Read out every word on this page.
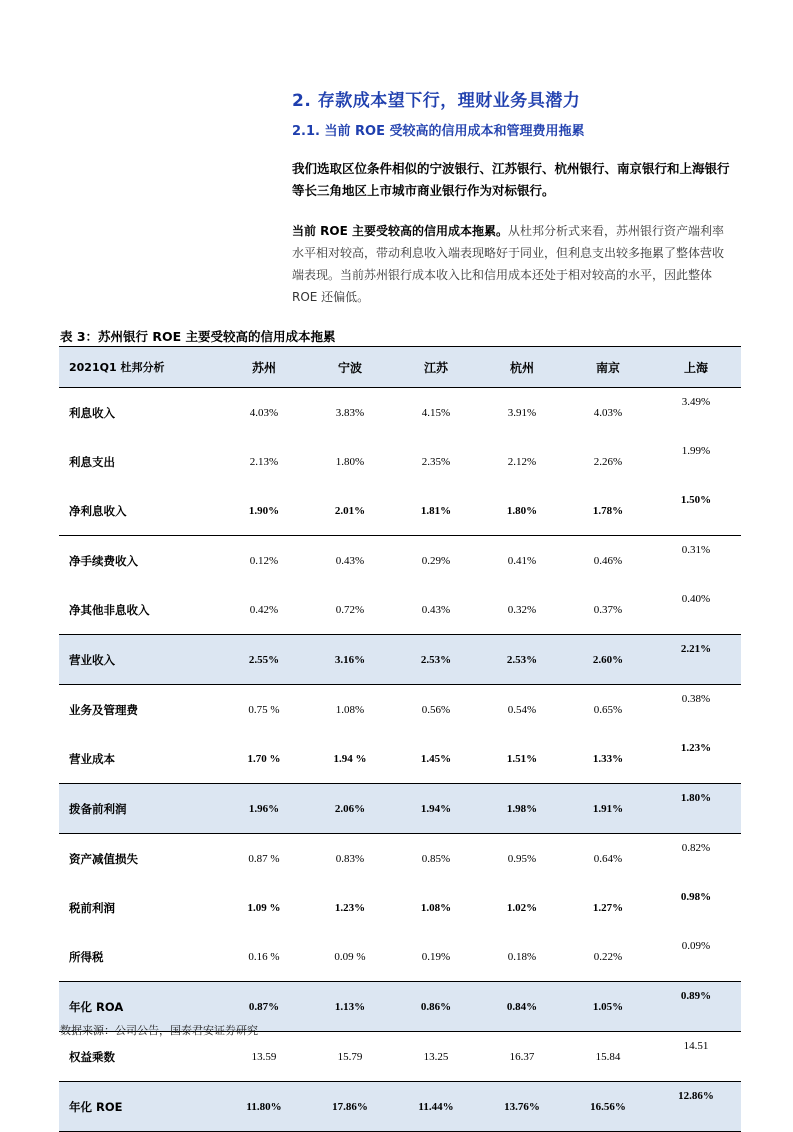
2. 存款成本望下行，理财业务具潜力
2.1. 当前 ROE 受较高的信用成本和管理费用拖累
我们选取区位条件相似的宁波银行、江苏银行、杭州银行、南京银行和上海银行等长三角地区上市城市商业银行作为对标银行。
当前 ROE 主要受较高的信用成本拖累。从杜邦分析式来看，苏州银行资产端利率水平相对较高，带动利息收入端表现略好于同业，但利息支出较多拖累了整体营收端表现。当前苏州银行成本收入比和信用成本还处于相对较高的水平，因此整体 ROE 还偏低。
表 3：苏州银行 ROE 主要受较高的信用成本拖累
2021Q1 杜邦分析	苏州	宁波	江苏	杭州	南京	上海
利息收入	4.03%	3.83%	4.15%	3.91%	4.03%	3.49%
利息支出	2.13%	1.80%	2.35%	2.12%	2.26%	1.99%
净利息收入	1.90%	2.01%	1.81%	1.80%	1.78%	1.50%
净手续费收入	0.12%	0.43%	0.29%	0.41%	0.46%	0.31%
净其他非息收入	0.42%	0.72%	0.43%	0.32%	0.37%	0.40%
营业收入	2.55%	3.16%	2.53%	2.53%	2.60%	2.21%
业务及管理费	0.75 %	1.08%	0.56%	0.54%	0.65%	0.38%
营业成本	1.70 %	1.94 %	1.45%	1.51%	1.33%	1.23%
拨备前利润	1.96%	2.06%	1.94%	1.98%	1.91%	1.80%
资产减值损失	0.87 %	0.83%	0.85%	0.95%	0.64%	0.82%
税前利润	1.09 %	1.23%	1.08%	1.02%	1.27%	0.98%
所得税	0.16 %	0.09 %	0.19%	0.18%	0.22%	0.09%
年化 ROA	0.87%	1.13%	0.86%	0.84%	1.05%	0.89%
权益乘数	13.59	15.79	13.25	16.37	15.84	14.51
年化 ROE	11.80%	17.86%	11.44%	13.76%	16.56%	12.86%
数据来源：公司公告，国泰君安证券研究
